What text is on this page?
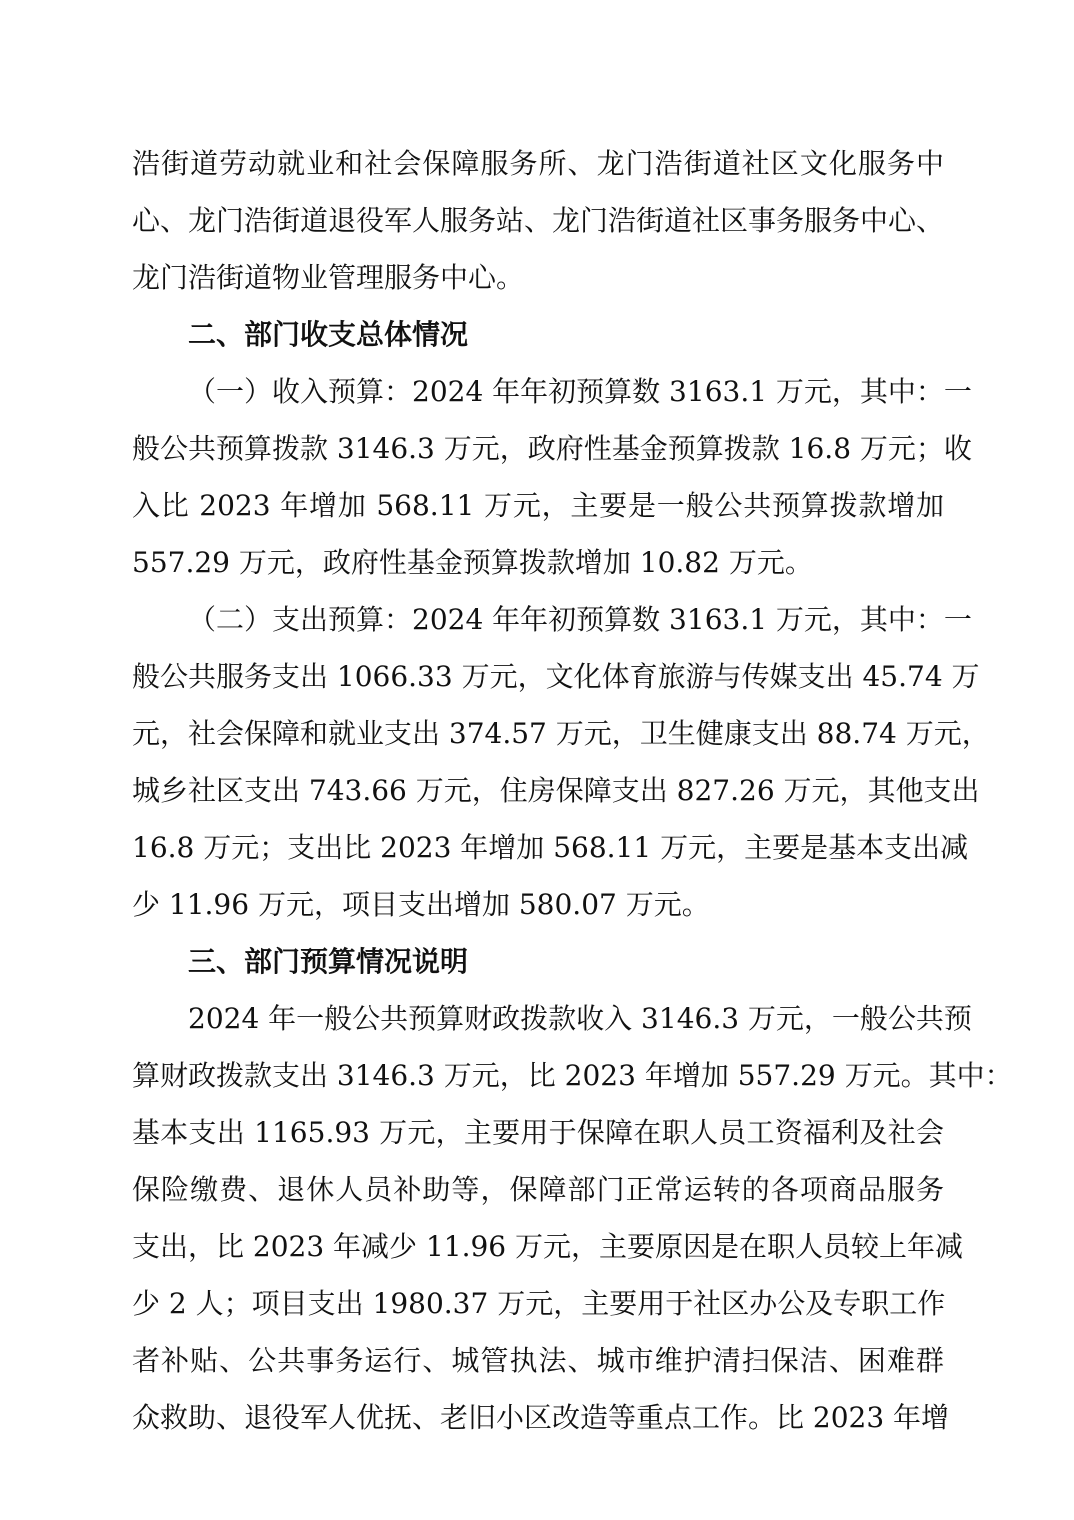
浩街道劳动就业和社会保障服务所、龙门浩街道社区文化服务中
心、龙门浩街道退役军人服务站、龙门浩街道社区事务服务中心、
龙门浩街道物业管理服务中心。
二、部门收支总体情况
（一）收入预算：2024 年年初预算数 3163.1 万元，其中：一
般公共预算拨款 3146.3 万元，政府性基金预算拨款 16.8 万元；收
入比 2023 年增加 568.11 万元，主要是一般公共预算拨款增加
557.29 万元，政府性基金预算拨款增加 10.82 万元。
（二）支出预算：2024 年年初预算数 3163.1 万元，其中：一
般公共服务支出 1066.33 万元，文化体育旅游与传媒支出 45.74 万
元，社会保障和就业支出 374.57 万元，卫生健康支出 88.74 万元，
城乡社区支出 743.66 万元，住房保障支出 827.26 万元，其他支出
16.8 万元；支出比 2023 年增加 568.11 万元，主要是基本支出减
少 11.96 万元，项目支出增加 580.07 万元。
三、部门预算情况说明
2024 年一般公共预算财政拨款收入 3146.3 万元，一般公共预
算财政拨款支出 3146.3 万元，比 2023 年增加 557.29 万元。其中：
基本支出 1165.93 万元，主要用于保障在职人员工资福利及社会
保险缴费、退休人员补助等，保障部门正常运转的各项商品服务
支出，比 2023 年减少 11.96 万元，主要原因是在职人员较上年减
少 2 人；项目支出 1980.37 万元，主要用于社区办公及专职工作
者补贴、公共事务运行、城管执法、城市维护清扫保洁、困难群
众救助、退役军人优抚、老旧小区改造等重点工作。比 2023 年增
